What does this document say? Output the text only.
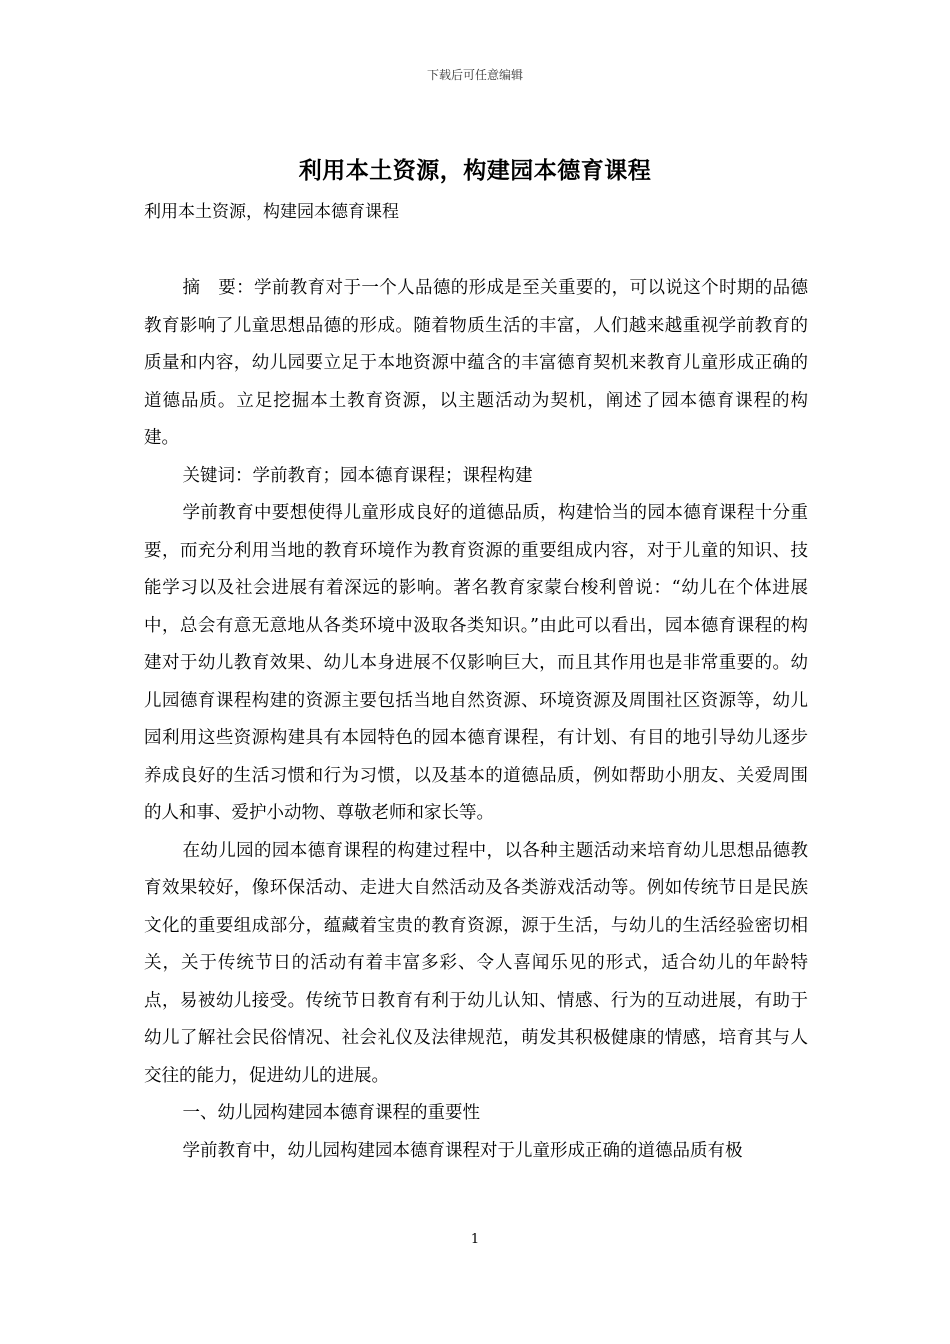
下载后可任意编辑
利用本土资源，构建园本德育课程
利用本土资源，构建园本德育课程

摘　要：学前教育对于一个人品德的形成是至关重要的，可以说这个时期的品德教育影响了儿童思想品德的形成。随着物质生活的丰富，人们越来越重视学前教育的质量和内容，幼儿园要立足于本地资源中蕴含的丰富德育契机来教育儿童形成正确的道德品质。立足挖掘本土教育资源，以主题活动为契机，阐述了园本德育课程的构建。

关键词：学前教育；园本德育课程；课程构建

学前教育中要想使得儿童形成良好的道德品质，构建恰当的园本德育课程十分重要，而充分利用当地的教育环境作为教育资源的重要组成内容，对于儿童的知识、技能学习以及社会进展有着深远的影响。著名教育家蒙台梭利曾说：“幼儿在个体进展中，总会有意无意地从各类环境中汲取各类知识。”由此可以看出，园本德育课程的构建对于幼儿教育效果、幼儿本身进展不仅影响巨大，而且其作用也是非常重要的。幼儿园德育课程构建的资源主要包括当地自然资源、环境资源及周围社区资源等，幼儿园利用这些资源构建具有本园特色的园本德育课程，有计划、有目的地引导幼儿逐步养成良好的生活习惯和行为习惯，以及基本的道德品质，例如帮助小朋友、关爱周围的人和事、爱护小动物、尊敬老师和家长等。

在幼儿园的园本德育课程的构建过程中，以各种主题活动来培育幼儿思想品德教育效果较好，像环保活动、走进大自然活动及各类游戏活动等。例如传统节日是民族文化的重要组成部分，蕴藏着宝贵的教育资源，源于生活，与幼儿的生活经验密切相关，关于传统节日的活动有着丰富多彩、令人喜闻乐见的形式，适合幼儿的年龄特点，易被幼儿接受。传统节日教育有利于幼儿认知、情感、行为的互动进展，有助于幼儿了解社会民俗情况、社会礼仪及法律规范，萌发其积极健康的情感，培育其与人交往的能力，促进幼儿的进展。

一、幼儿园构建园本德育课程的重要性

学前教育中，幼儿园构建园本德育课程对于儿童形成正确的道德品质有极

1
